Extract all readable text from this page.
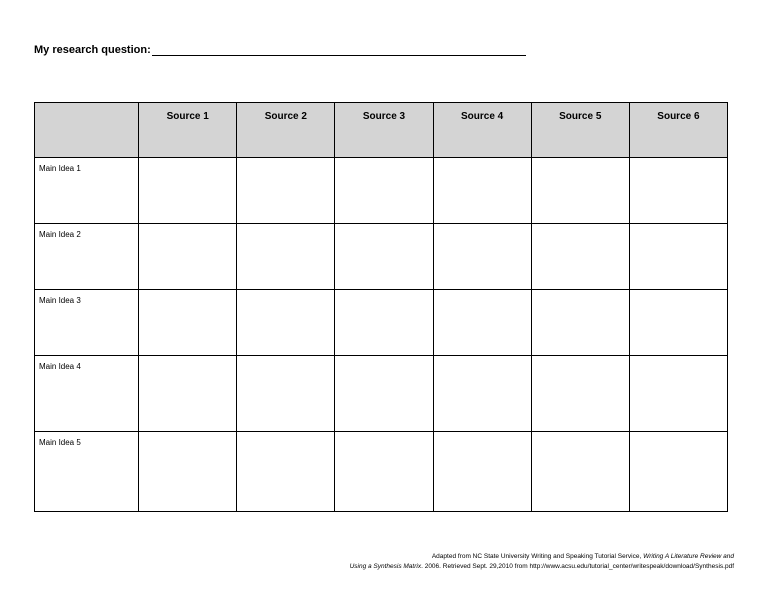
My research question:
	Source 1	Source 2	Source 3	Source 4	Source 5	Source 6
Main Idea 1						
Main Idea 2						
Main Idea 3						
Main Idea 4						
Main Idea 5						
Adapted from NC State University Writing and Speaking Tutorial Service, Writing A Literature Review and
Using a Synthesis Matrix. 2006. Retrieved Sept. 29,2010 from http://www.acsu.edu/tutorial_center/writespeak/download/Synthesis.pdf
